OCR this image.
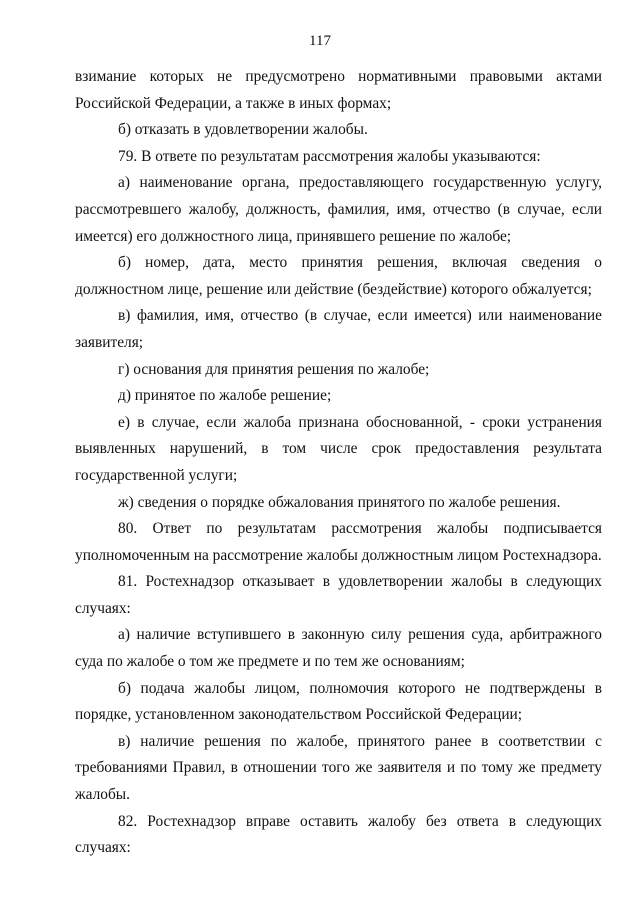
117

взимание которых не предусмотрено нормативными правовыми актами Российской Федерации, а также в иных формах;

б) отказать в удовлетворении жалобы.

79. В ответе по результатам рассмотрения жалобы указываются:

а) наименование органа, предоставляющего государственную услугу, рассмотревшего жалобу, должность, фамилия, имя, отчество (в случае, если имеется) его должностного лица, принявшего решение по жалобе;

б) номер, дата, место принятия решения, включая сведения о должностном лице, решение или действие (бездействие) которого обжалуется;

в) фамилия, имя, отчество (в случае, если имеется) или наименование заявителя;

г) основания для принятия решения по жалобе;

д) принятое по жалобе решение;

е) в случае, если жалоба признана обоснованной, - сроки устранения выявленных нарушений, в том числе срок предоставления результата государственной услуги;

ж) сведения о порядке обжалования принятого по жалобе решения.

80. Ответ по результатам рассмотрения жалобы подписывается уполномоченным на рассмотрение жалобы должностным лицом Ростехнадзора.

81. Ростехнадзор отказывает в удовлетворении жалобы в следующих случаях:

а) наличие вступившего в законную силу решения суда, арбитражного суда по жалобе о том же предмете и по тем же основаниям;

б) подача жалобы лицом, полномочия которого не подтверждены в порядке, установленном законодательством Российской Федерации;

в) наличие решения по жалобе, принятого ранее в соответствии с требованиями Правил, в отношении того же заявителя и по тому же предмету жалобы.

82. Ростехнадзор вправе оставить жалобу без ответа в следующих случаях:
